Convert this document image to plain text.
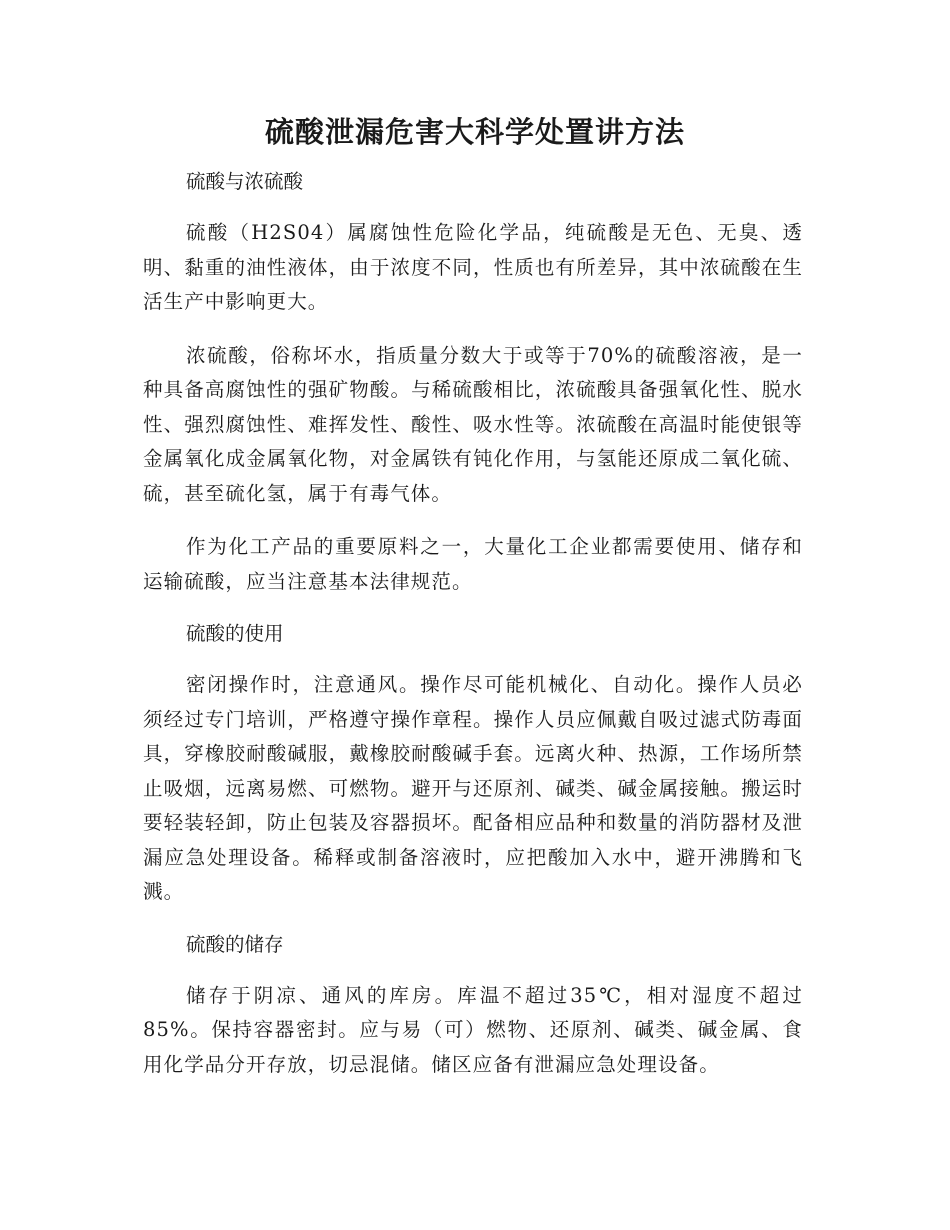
硫酸泄漏危害大科学处置讲方法

硫酸与浓硫酸

硫酸（H2S04）属腐蚀性危险化学品，纯硫酸是无色、无臭、透明、黏重的油性液体，由于浓度不同，性质也有所差异，其中浓硫酸在生活生产中影响更大。

浓硫酸，俗称坏水，指质量分数大于或等于70%的硫酸溶液，是一种具备高腐蚀性的强矿物酸。与稀硫酸相比，浓硫酸具备强氧化性、脱水性、强烈腐蚀性、难挥发性、酸性、吸水性等。浓硫酸在高温时能使银等金属氧化成金属氧化物，对金属铁有钝化作用，与氢能还原成二氧化硫、硫，甚至硫化氢，属于有毒气体。

作为化工产品的重要原料之一，大量化工企业都需要使用、储存和运输硫酸，应当注意基本法律规范。

硫酸的使用

密闭操作时，注意通风。操作尽可能机械化、自动化。操作人员必须经过专门培训，严格遵守操作章程。操作人员应佩戴自吸过滤式防毒面具，穿橡胶耐酸碱服，戴橡胶耐酸碱手套。远离火种、热源，工作场所禁止吸烟，远离易燃、可燃物。避开与还原剂、碱类、碱金属接触。搬运时要轻装轻卸，防止包装及容器损坏。配备相应品种和数量的消防器材及泄漏应急处理设备。稀释或制备溶液时，应把酸加入水中，避开沸腾和飞溅。

硫酸的储存

储存于阴凉、通风的库房。库温不超过35℃，相对湿度不超过85%。保持容器密封。应与易（可）燃物、还原剂、碱类、碱金属、食用化学品分开存放，切忌混储。储区应备有泄漏应急处理设备。
